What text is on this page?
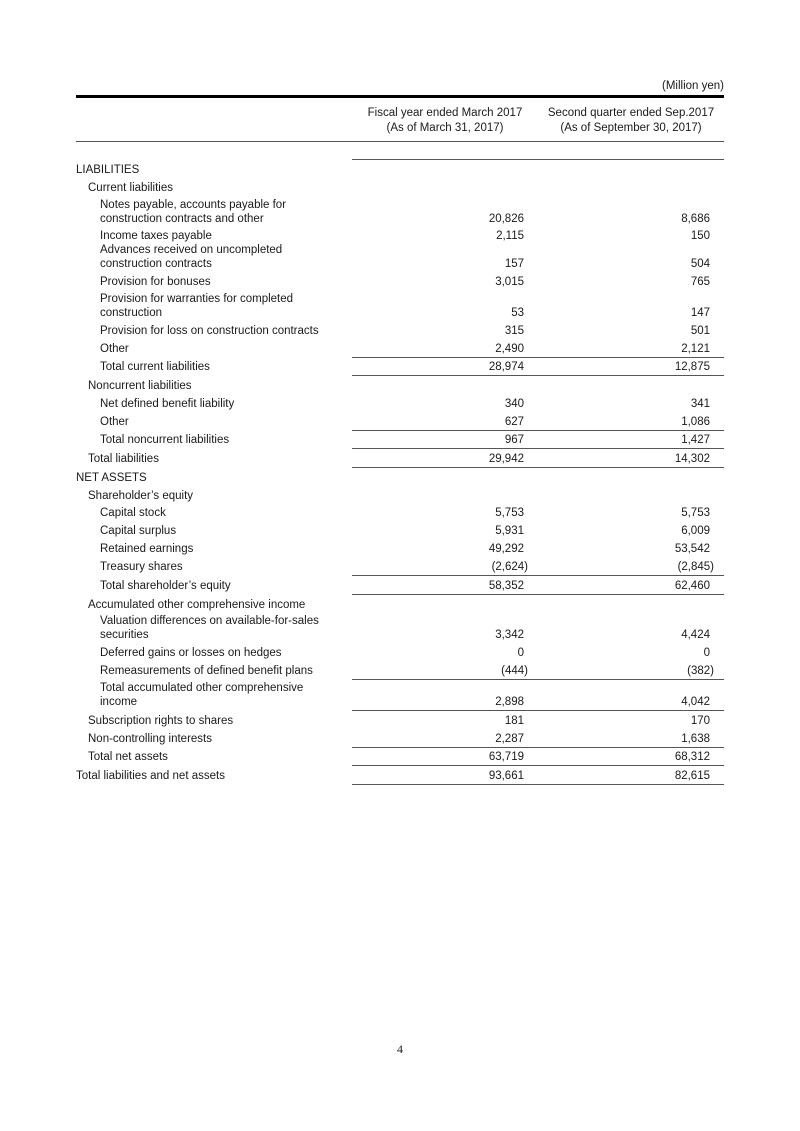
(Million yen)
Fiscal year ended March 2017
(As of March 31, 2017)
Second quarter ended Sep.2017
(As of September 30, 2017)
LIABILITIES
Current liabilities
Notes payable, accounts payable for
construction contracts and other	20,826	8,686
Income taxes payable	2,115	150
Advances received on uncompleted
construction contracts	157	504
Provision for bonuses	3,015	765
Provision for warranties for completed
construction	53	147
Provision for loss on construction contracts	315	501
Other	2,490	2,121
Total current liabilities	28,974	12,875
Noncurrent liabilities
Net defined benefit liability	340	341
Other	627	1,086
Total noncurrent liabilities	967	1,427
Total liabilities	29,942	14,302
NET ASSETS
Shareholder’s equity
Capital stock	5,753	5,753
Capital surplus	5,931	6,009
Retained earnings	49,292	53,542
Treasury shares	(2,624)	(2,845)
Total shareholder’s equity	58,352	62,460
Accumulated other comprehensive income
Valuation differences on available-for-sales
securities	3,342	4,424
Deferred gains or losses on hedges	0	0
Remeasurements of defined benefit plans	(444)	(382)
Total accumulated other comprehensive
income	2,898	4,042
Subscription rights to shares	181	170
Non-controlling interests	2,287	1,638
Total net assets	63,719	68,312
Total liabilities and net assets	93,661	82,615
4
